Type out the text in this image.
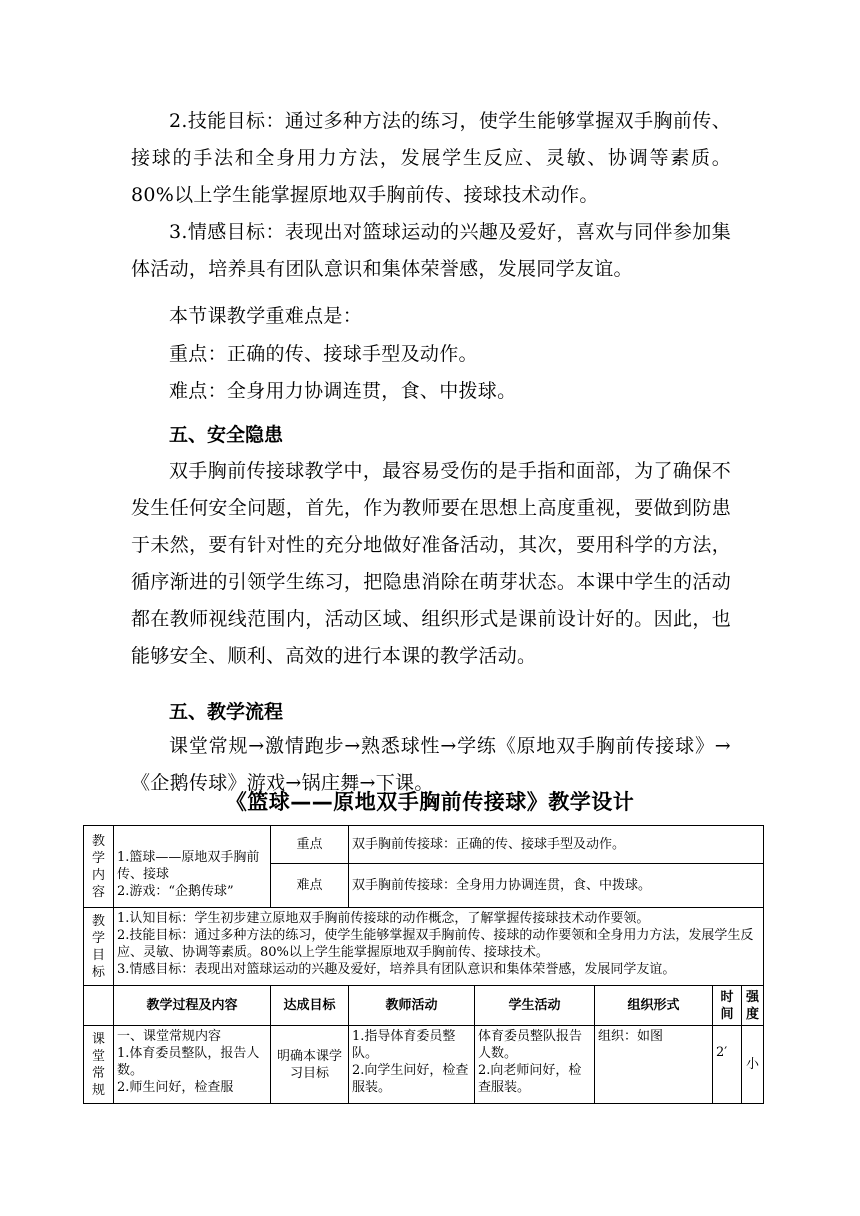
2.技能目标：通过多种方法的练习，使学生能够掌握双手胸前传、接球的手法和全身用力方法，发展学生反应、灵敏、协调等素质。80%以上学生能掌握原地双手胸前传、接球技术动作。

3.情感目标：表现出对篮球运动的兴趣及爱好，喜欢与同伴参加集体活动，培养具有团队意识和集体荣誉感，发展同学友谊。

本节课教学重难点是：

重点：正确的传、接球手型及动作。

难点：全身用力协调连贯，食、中拨球。

五、安全隐患

双手胸前传接球教学中，最容易受伤的是手指和面部，为了确保不发生任何安全问题，首先，作为教师要在思想上高度重视，要做到防患于未然，要有针对性的充分地做好准备活动，其次，要用科学的方法，循序渐进的引领学生练习，把隐患消除在萌芽状态。本课中学生的活动都在教师视线范围内，活动区域、组织形式是课前设计好的。因此，也能够安全、顺利、高效的进行本课的教学活动。

五、教学流程

课堂常规→激情跑步→熟悉球性→学练《原地双手胸前传接球》→《企鹅传球》游戏→锅庄舞→下课。

《篮球——原地双手胸前传接球》教学设计
教学内容	1.篮球——原地双手胸前传、接球
2.游戏：“企鹅传球”	重点	双手胸前传接球：正确的传、接球手型及动作。				
		难点	双手胸前传接球：全身用力协调连贯，食、中拨球。				
教学目标	1.认知目标：学生初步建立原地双手胸前传接球的动作概念，了解掌握传接球技术动作要领。
2.技能目标：通过多种方法的练习，使学生能够掌握双手胸前传、接球的动作要领和全身用力方法，发展学生反应、灵敏、协调等素质。80%以上学生能掌握原地双手胸前传、接球技术。
3.情感目标：表现出对篮球运动的兴趣及爱好，培养具有团队意识和集体荣誉感，发展同学友谊。						

	教学过程及内容	达成目标	教师活动	学生活动	组织形式	时间	强度
课堂常规	一、课堂常规内容
1.体育委员整队，报告人数。
2.师生问好，检查服	明确本课学习目标	1.指导体育委员整队。
2.向学生问好，检查服装。	体育委员整队报告人数。
2.向老师问好，检查服装。	组织：如图	2′	小
